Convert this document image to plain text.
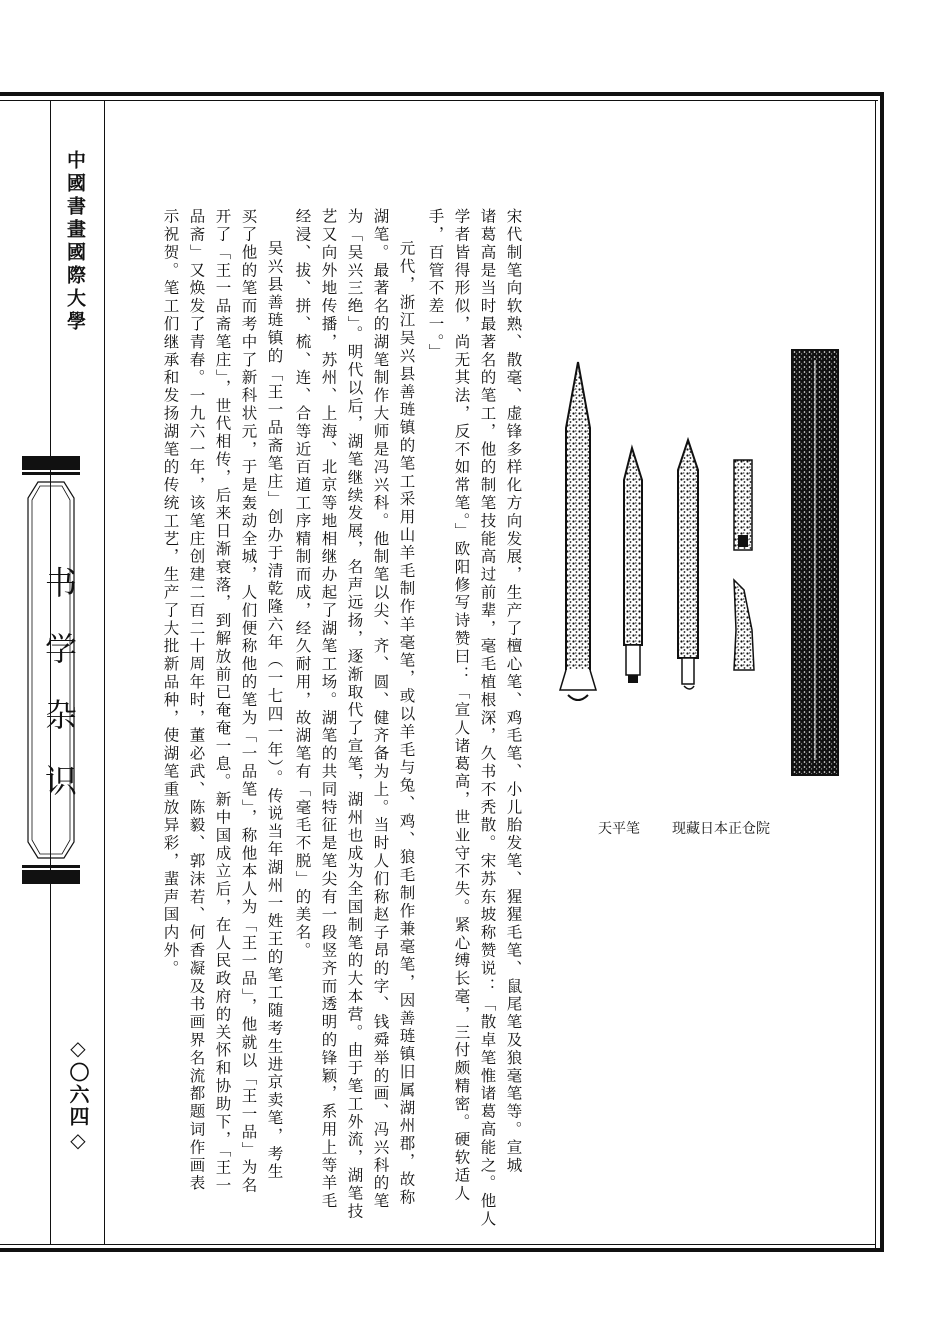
中國書畫國際大學
书学杂识
◇〇六四◇	宋代制笔向软熟、散毫、虚锋多样化方向发展，生产了檀心笔、鸡毛笔、小儿胎发笔、猩猩毛笔、鼠尾笔及狼毫笔等。宣城
诸葛高是当时最著名的笔工，他的制笔技能高过前辈，毫毛植根深，久书不秃散。宋苏东坡称赞说：「散卓笔惟诸葛高能之。他人
学者皆得形似，尚无其法，反不如常笔。」欧阳修写诗赞曰：「宣人诸葛高，世业守不失。紧心缚长毫，三付颇精密。硬软适人
手，百管不差一。」
元代，浙江吴兴县善琏镇的笔工采用山羊毛制作羊毫笔，或以羊毛与兔、鸡、狼毛制作兼毫笔，因善琏镇旧属湖州郡，故称
湖笔。最著名的湖笔制作大师是冯兴科。他制笔以尖、齐、圆、健齐备为上。当时人们称赵子昂的字、钱舜举的画、冯兴科的笔
为「吴兴三绝」。明代以后，湖笔继续发展，名声远扬，逐渐取代了宣笔，湖州也成为全国制笔的大本营。由于笔工外流，湖笔技
艺又向外地传播，苏州、上海、北京等地相继办起了湖笔工场。湖笔的共同特征是笔尖有一段竖齐而透明的锋颖，系用上等羊毛
经浸、拔、拼、梳、连、合等近百道工序精制而成，经久耐用，故湖笔有「毫毛不脱」的美名。
吴兴县善琏镇的「王一品斋笔庄」创办于清乾隆六年（一七四一年）。传说当年湖州一姓王的笔工随考生进京卖笔，考生
买了他的笔而考中了新科状元，于是轰动全城，人们便称他的笔为「一品笔」，称他本人为「王一品」，他就以「王一品」为名
开了「王一品斋笔庄」，世代相传，后来日渐衰落，到解放前已奄奄一息。新中国成立后，在人民政府的关怀和协助下，「王一
品斋」又焕发了青春。一九六一年，该笔庄创建二百二十周年时，董必武、陈毅、郭沫若、何香凝及书画界名流都题词作画表
示祝贺。笔工们继承和发扬湖笔的传统工艺，生产了大批新品种，使湖笔重放异彩，蜚声国内外。	天平笔 现藏日本正仓院
